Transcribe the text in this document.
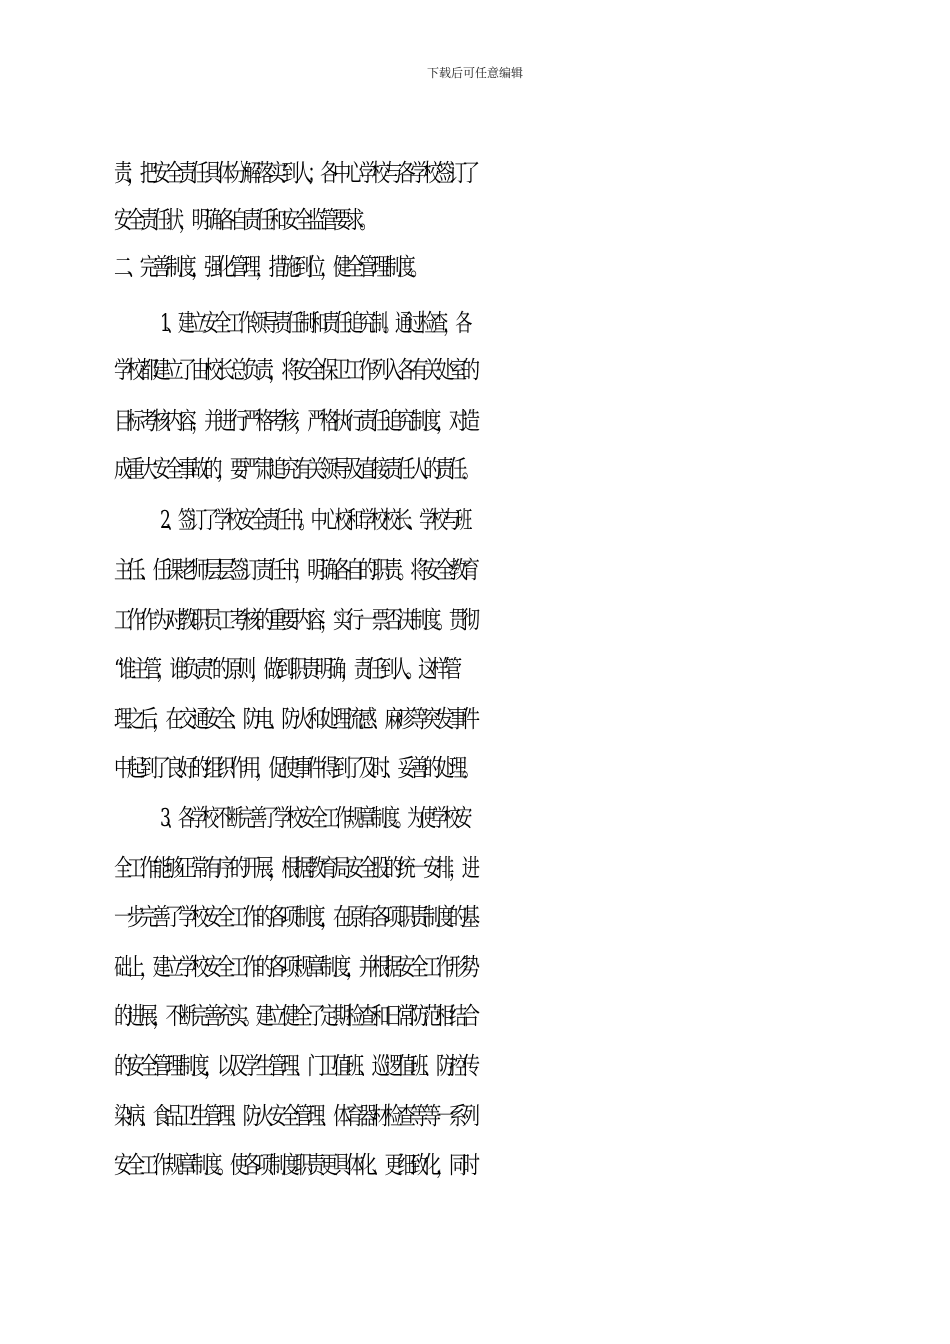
下载后可任意编辑
责，把安全责任具体分解落实到人；各中心学校与各学校签订了
安全 责任状，明确各自责任和安全监管要求。
二、完善制度，强化管理，措施到位，健全管理制度。
1、建立安全工作领导责任制和责任追究制。通过检查，各
学校都建立了由校长总负责，将安全保卫工作列入各有关处室的
目标考核内容，并进行严格考核，严格执行责任追究制度，对造
成重大安全事故的，要严肃追究有关领导及直接责任人的责任。
2、签订了学校安全责任书。中心校和学校校长、学校与班
主任、任课老师层层签订责任书，明确各自的职责。将安全教育
工作作为对教职员工考核的重要内容，实行一票否决制度。贯彻
“谁主管，谁负责”的原则，做到职责明确，责任到人。这样管
理之后，在交通安全、防电、防火和处理流感、麻疹等突发事件
中起到了良好的组织作用，促使事件得到了及时、妥善的处理。
3、各学校不断完善了学校安全工作规章制度。为使学校安
全工作能够正常有序的开展，根据教育局安全股的统一安排，进
一步完善了学校安全工作的各项制度，在原有各项职责制度的基
础上，建立学校安全工作的各项规章制度，并根据安全工作形势
的进展，不断完善充实。建立健全了定期检查和日常防范相结合
的安全管理制度，以及学生管理、门卫值班、巡逻值班、防控传
染病、食品卫生管理、防火安全管理、体育器材检查等等一系列
安全工作规章制度。使各项制度职责更具体化、更细致化，同时
